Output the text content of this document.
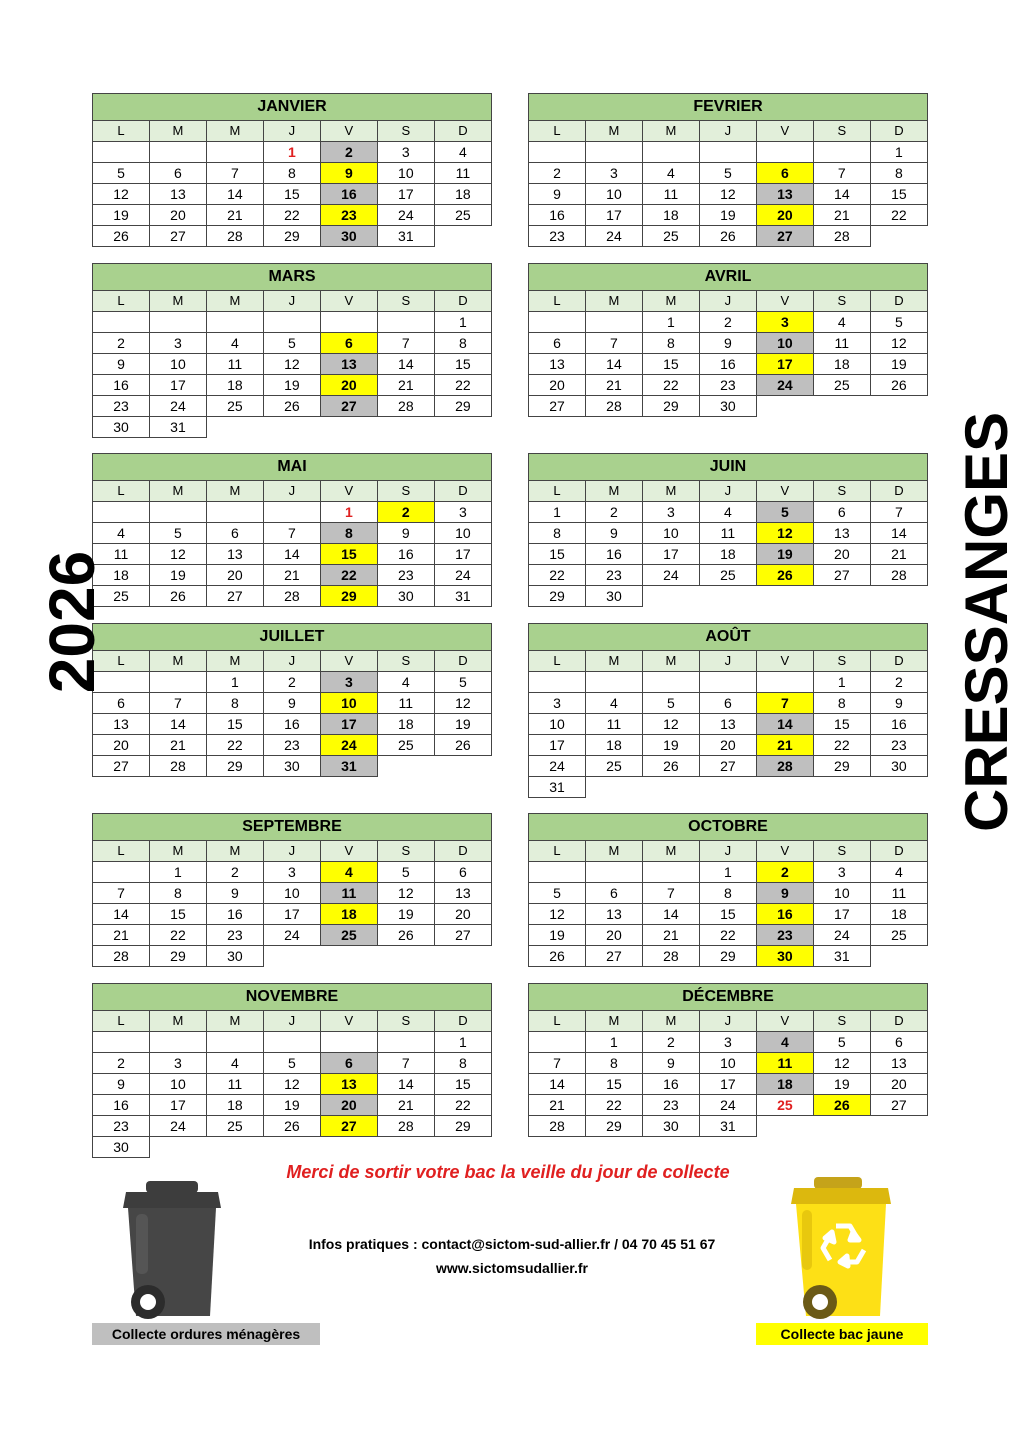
JANVIER						
L	M	M	J	V	S	D
			1	2	3	4
5	6	7	8	9	10	11
12	13	14	15	16	17	18
19	20	21	22	23	24	25
26	27	28	29	30	31	
FEVRIER						
L	M	M	J	V	S	D
						1
2	3	4	5	6	7	8
9	10	11	12	13	14	15
16	17	18	19	20	21	22
23	24	25	26	27	28	
MARS						
L	M	M	J	V	S	D
						1
2	3	4	5	6	7	8
9	10	11	12	13	14	15
16	17	18	19	20	21	22
23	24	25	26	27	28	29
30	31					
AVRIL						
L	M	M	J	V	S	D
		1	2	3	4	5
6	7	8	9	10	11	12
13	14	15	16	17	18	19
20	21	22	23	24	25	26
27	28	29	30			
MAI						
L	M	M	J	V	S	D
				1	2	3
4	5	6	7	8	9	10
11	12	13	14	15	16	17
18	19	20	21	22	23	24
25	26	27	28	29	30	31
JUIN						
L	M	M	J	V	S	D
1	2	3	4	5	6	7
8	9	10	11	12	13	14
15	16	17	18	19	20	21
22	23	24	25	26	27	28
29	30					
JUILLET						
L	M	M	J	V	S	D
		1	2	3	4	5
6	7	8	9	10	11	12
13	14	15	16	17	18	19
20	21	22	23	24	25	26
27	28	29	30	31		
AOÛT						
L	M	M	J	V	S	D
					1	2
3	4	5	6	7	8	9
10	11	12	13	14	15	16
17	18	19	20	21	22	23
24	25	26	27	28	29	30
31						
SEPTEMBRE						
L	M	M	J	V	S	D
	1	2	3	4	5	6
7	8	9	10	11	12	13
14	15	16	17	18	19	20
21	22	23	24	25	26	27
28	29	30				
OCTOBRE						
L	M	M	J	V	S	D
			1	2	3	4
5	6	7	8	9	10	11
12	13	14	15	16	17	18
19	20	21	22	23	24	25
26	27	28	29	30	31	
NOVEMBRE						
L	M	M	J	V	S	D
						1
2	3	4	5	6	7	8
9	10	11	12	13	14	15
16	17	18	19	20	21	22
23	24	25	26	27	28	29
30						
DÉCEMBRE						
L	M	M	J	V	S	D
	1	2	3	4	5	6
7	8	9	10	11	12	13
14	15	16	17	18	19	20
21	22	23	24	25	26	27
28	29	30	31			
2026	CRESSANGES
Merci de sortir votre bac la veille du jour de collecte
Infos pratiques : contact@sictom-sud-allier.fr / 04 70 45 51 67
www.sictomsudallier.fr
Collecte ordures ménagères	Collecte bac jaune
